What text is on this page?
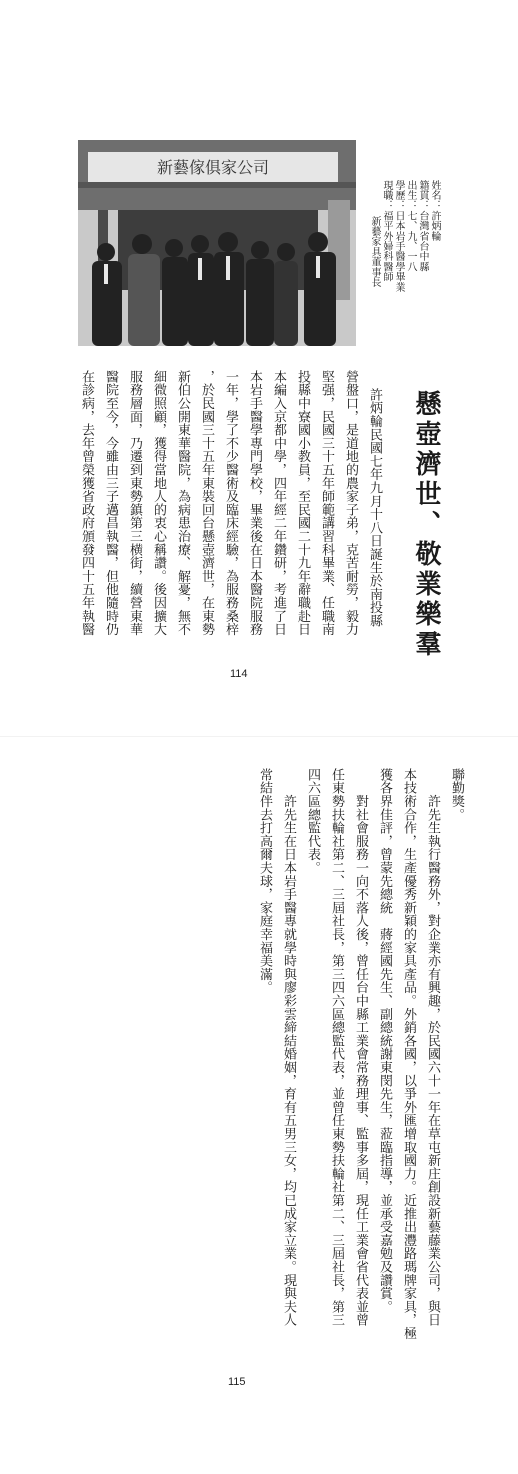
新藝傢俱家公司

姓名：許炳輪

籍貫：台灣省台中縣

出生：七、九、一八

學歷：日本岩手醫學畢業

現職：福平外婦科醫師

新藝家具董事長

懸壺濟世、敬業樂羣

許炳輪民國七年九月十八日誕生於南投縣

營盤口，是道地的農家子弟，克苦耐勞，毅力

堅强，民國三十五年師範講習科畢業、任職南

投縣中寮國小教員，至民國二十九年辭職赴日

本編入京都中學，四年經二年鑽研，考進了日

本岩手醫學專門學校，畢業後在日本醫院服務

一年，學了不少醫術及臨床經驗，為服務桑梓

，於民國三十五年東裝回台懸壺濟世，在東勢

新伯公開東華醫院，為病患治療、解憂，無不

細微照顧，獲得當地人的衷心稱讚。後因擴大

服務層面，乃遷到東勢鎮第三横街，續營東華

醫院至今，今雖由三子邁昌執醫，但他隨時仍

在診病，去年曾榮獲省政府頒發四十五年執醫

114

聯勤獎。

　　許先生執行醫務外，對企業亦有興趣，於民國六十一年在草屯新庄創設新藝藤業公司，與日

本技術合作，生產優秀新穎的家具產品。外銷各國，以爭外匯增取國力。近推出灃路瑪牌家具，極

獲各界佳評，曾蒙先總統　蔣經國先生、副總統謝東閔先生，蒞臨指導，並承受嘉勉及讚賞。

　　對社會服務一向不落人後，曾任台中縣工業會常務理事、監事多屆，現任工業會省代表並曾

任東勢扶輪社第二、三屆社長，第三四六區總監代表，並曾任東勢扶輪社第二、三屆社長，第三

四六區總監代表。

　　許先生在日本岩手醫專就學時與廖彩雲締結婚姻，育有五男三女，均已成家立業。現與夫人

常結伴去打高爾夫球，家庭幸福美滿。

115
